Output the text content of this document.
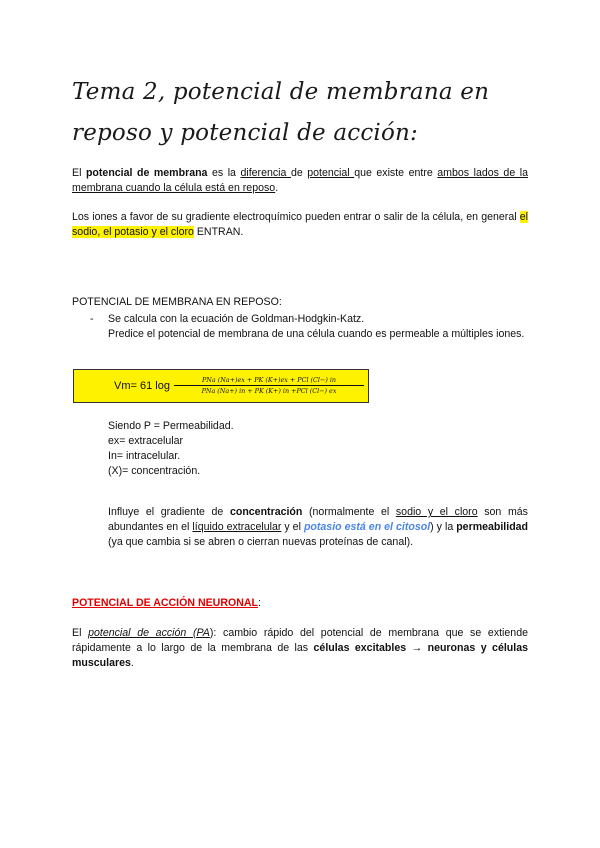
Tema 2, potencial de membrana en reposo y potencial de acción:

El potencial de membrana es la diferencia de potencial que existe entre ambos lados de la membrana cuando la célula está en reposo.

Los iones a favor de su gradiente electroquímico pueden entrar o salir de la célula, en general el sodio, el potasio y el cloro ENTRAN.

POTENCIAL DE MEMBRANA EN REPOSO:

- Se calcula con la ecuación de Goldman-Hodgkin-Katz.
Predice el potencial de membrana de una célula cuando es permeable a múltiples iones.
Vm= 61 log	PNa (Na+)ex + PK (K+)ex + PCl (Cl−) in
PNa (Na+) in + PK (K+) in +PCl (Cl−) ex
Siendo P = Permeabilidad.
ex= extracelular
In= intracelular.
(X)= concentración.

Influye el gradiente de concentración (normalmente el sodio y el cloro son más abundantes en el líquido extracelular y el potasio está en el citosol) y la permeabilidad (ya que cambia si se abren o cierran nuevas proteínas de canal).

POTENCIAL DE ACCIÓN NEURONAL:

El potencial de acción (PA): cambio rápido del potencial de membrana que se extiende rápidamente a lo largo de la membrana de las células excitables → neuronas y células musculares.
